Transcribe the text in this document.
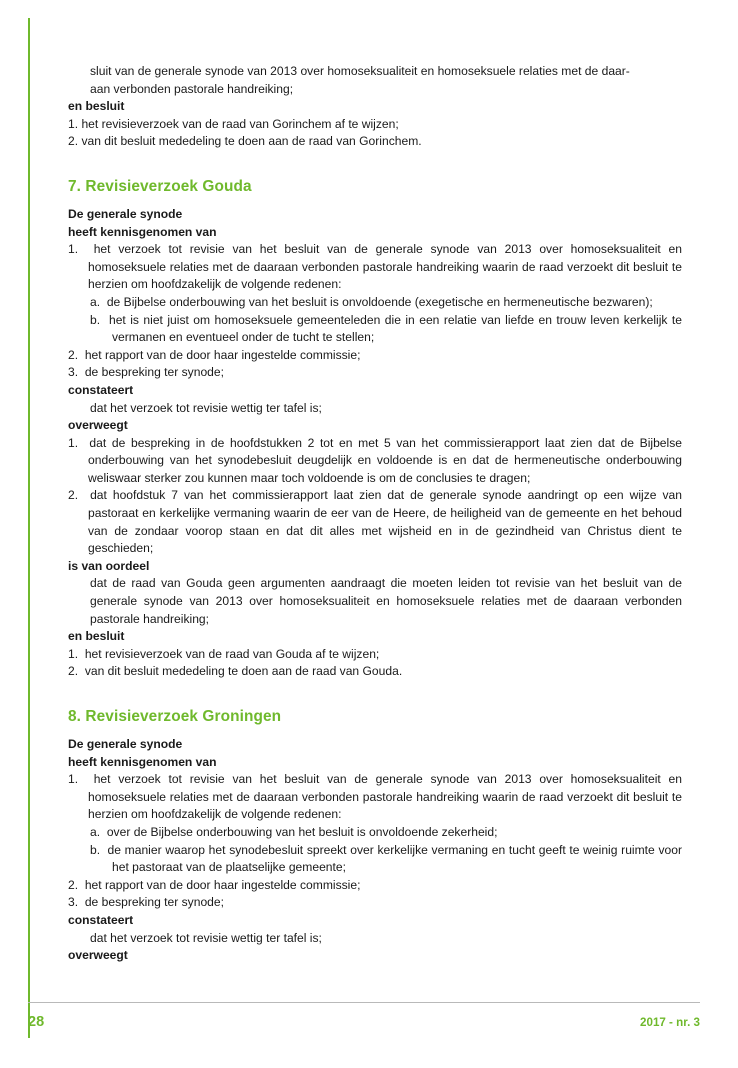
sluit van de generale synode van 2013 over homoseksualiteit en homoseksuele relaties met de daar-

aan verbonden pastorale handreiking;

en besluit

1. het revisieverzoek van de raad van Gorinchem af te wijzen;

2. van dit besluit mededeling te doen aan de raad van Gorinchem.

7. Revisieverzoek Gouda

De generale synode

heeft kennisgenomen van

1. het verzoek tot revisie van het besluit van de generale synode van 2013 over homoseksualiteit en homoseksuele relaties met de daaraan verbonden pastorale handreiking waarin de raad verzoekt dit besluit te herzien om hoofdzakelijk de volgende redenen:

a. de Bijbelse onderbouwing van het besluit is onvoldoende (exegetische en hermeneutische bezwaren);

b. het is niet juist om homoseksuele gemeenteleden die in een relatie van liefde en trouw leven kerkelijk te vermanen en eventueel onder de tucht te stellen;

2. het rapport van de door haar ingestelde commissie;

3. de bespreking ter synode;

constateert

dat het verzoek tot revisie wettig ter tafel is;

overweegt

1. dat de bespreking in de hoofdstukken 2 tot en met 5 van het commissierapport laat zien dat de Bijbelse onderbouwing van het synodebesluit deugdelijk en voldoende is en dat de hermeneutische onderbouwing weliswaar sterker zou kunnen maar toch voldoende is om de conclusies te dragen;

2. dat hoofdstuk 7 van het commissierapport laat zien dat de generale synode aandringt op een wijze van pastoraat en kerkelijke vermaning waarin de eer van de Heere, de heiligheid van de gemeente en het behoud van de zondaar voorop staan en dat dit alles met wijsheid en in de gezindheid van Christus dient te geschieden;

is van oordeel

dat de raad van Gouda geen argumenten aandraagt die moeten leiden tot revisie van het besluit van de generale synode van 2013 over homoseksualiteit en homoseksuele relaties met de daaraan verbonden pastorale handreiking;

en besluit

1. het revisieverzoek van de raad van Gouda af te wijzen;

2. van dit besluit mededeling te doen aan de raad van Gouda.

8. Revisieverzoek Groningen

De generale synode

heeft kennisgenomen van

1. het verzoek tot revisie van het besluit van de generale synode van 2013 over homoseksualiteit en homoseksuele relaties met de daaraan verbonden pastorale handreiking waarin de raad verzoekt dit besluit te herzien om hoofdzakelijk de volgende redenen:

a. over de Bijbelse onderbouwing van het besluit is onvoldoende zekerheid;

b. de manier waarop het synodebesluit spreekt over kerkelijke vermaning en tucht geeft te weinig ruimte voor het pastoraat van de plaatselijke gemeente;

2. het rapport van de door haar ingestelde commissie;

3. de bespreking ter synode;

constateert

dat het verzoek tot revisie wettig ter tafel is;

overweegt

28	2017 - nr. 3
